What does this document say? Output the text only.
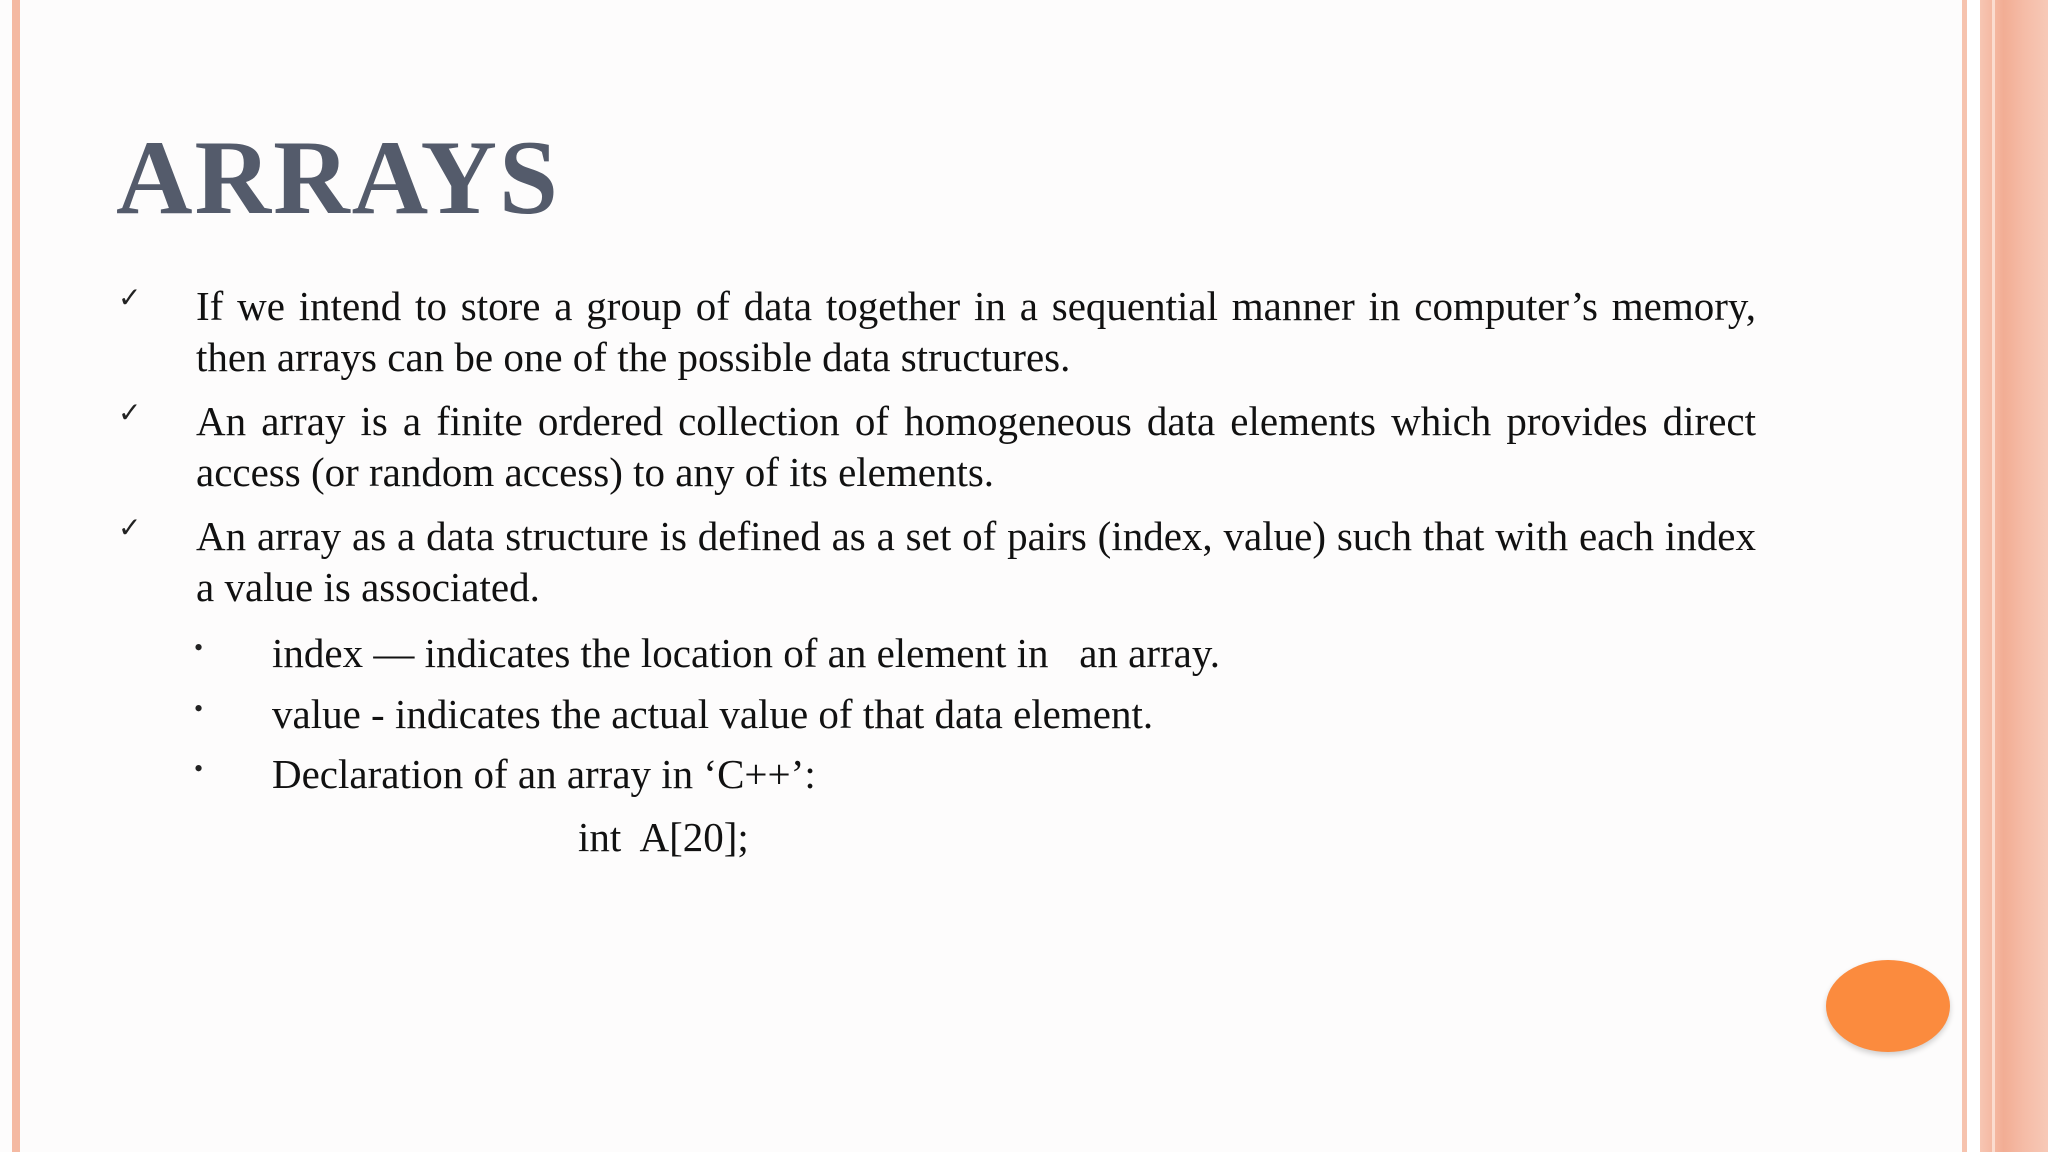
ARRAYS
✓ If we intend to store a group of data together in a sequential manner in computer’s memory, then arrays can be one of the possible data structures.
✓ An array is a finite ordered collection of homogeneous data elements which provides direct access (or random access) to any of its elements.
✓ An array as a data structure is defined as a set of pairs (index, value) such that with each index a value is associated.
• index — indicates the location of an element in   an array.
• value - indicates the actual value of that data element.
• Declaration of an array in ‘C++’:
int  A[20];
